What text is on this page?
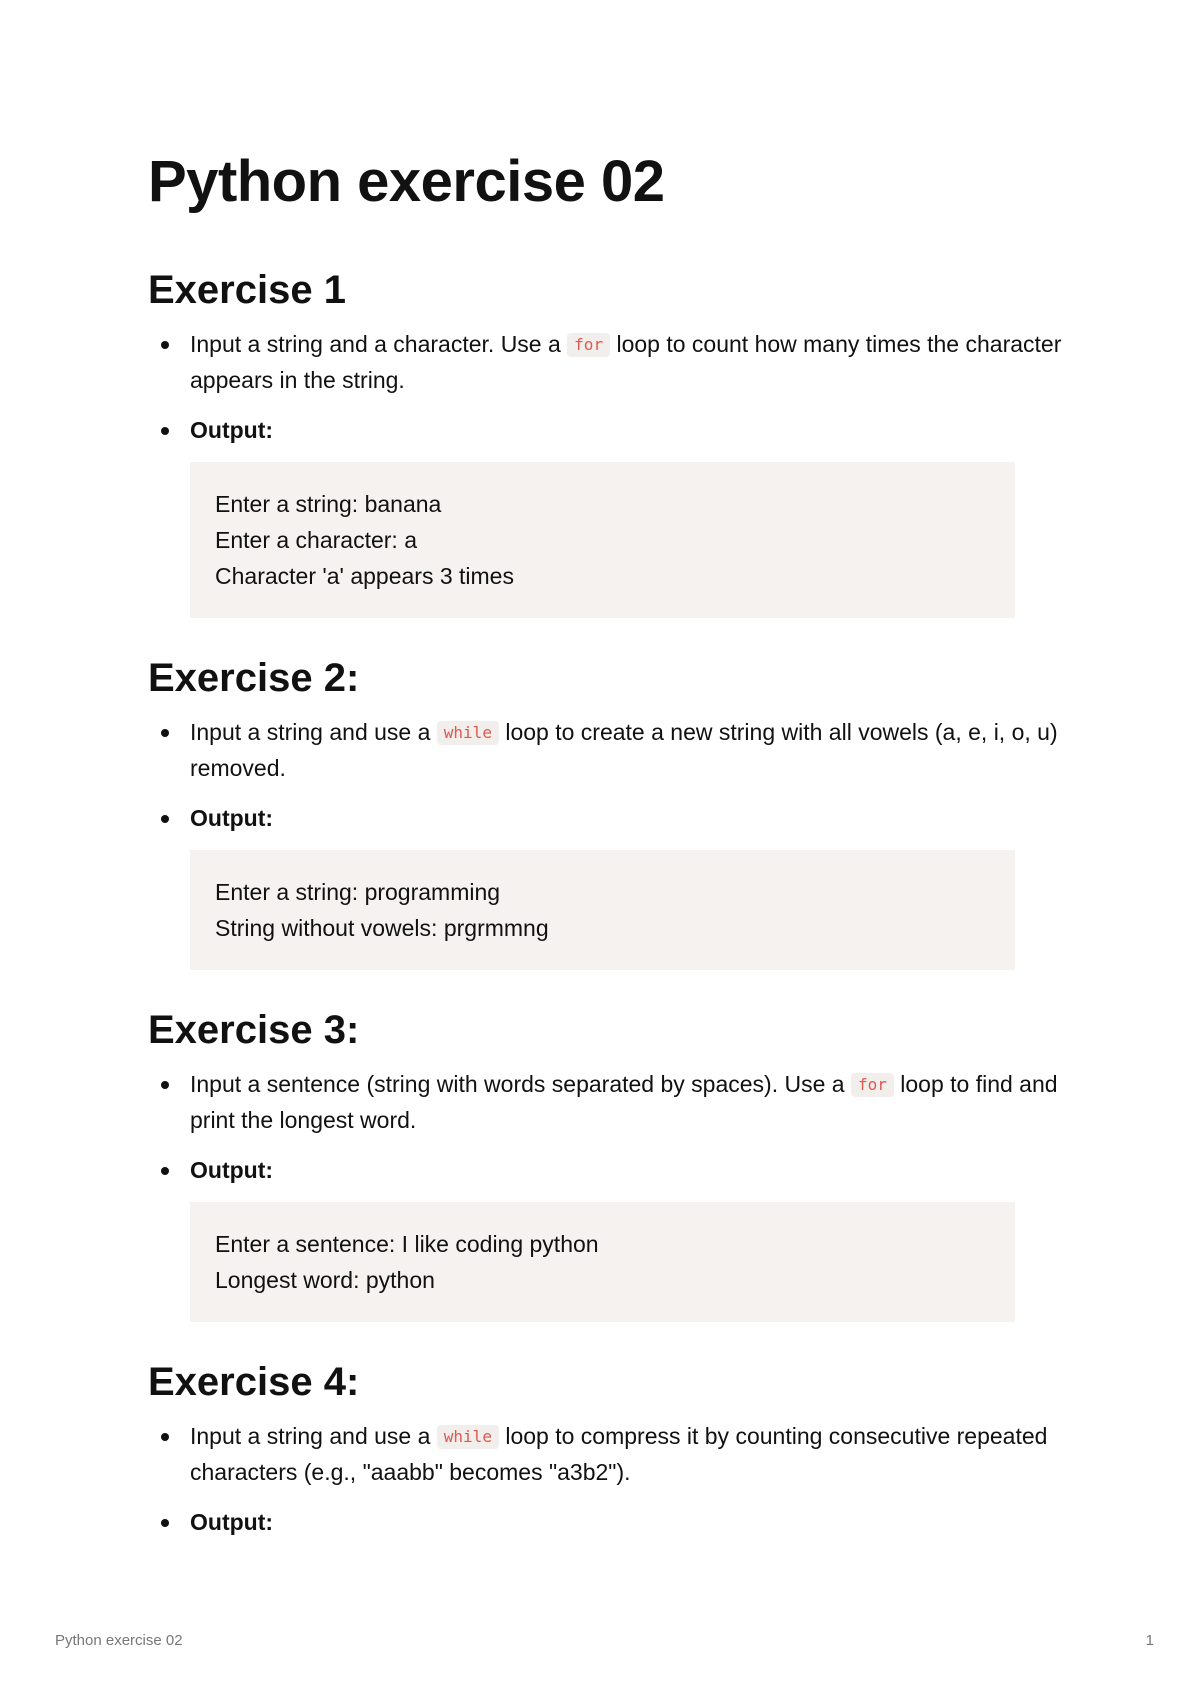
Python exercise 02
Exercise 1
Input a string and a character. Use a for loop to count how many times the character appears in the string.
Output:
Enter a string: banana
Enter a character: a
Character 'a' appears 3 times
Exercise 2:
Input a string and use a while loop to create a new string with all vowels (a, e, i, o, u) removed.
Output:
Enter a string: programming
String without vowels: prgrmmng
Exercise 3:
Input a sentence (string with words separated by spaces). Use a for loop to find and print the longest word.
Output:
Enter a sentence: I like coding python
Longest word: python
Exercise 4:
Input a string and use a while loop to compress it by counting consecutive repeated characters (e.g., "aaabb" becomes "a3b2").
Output:
Python exercise 02	1
